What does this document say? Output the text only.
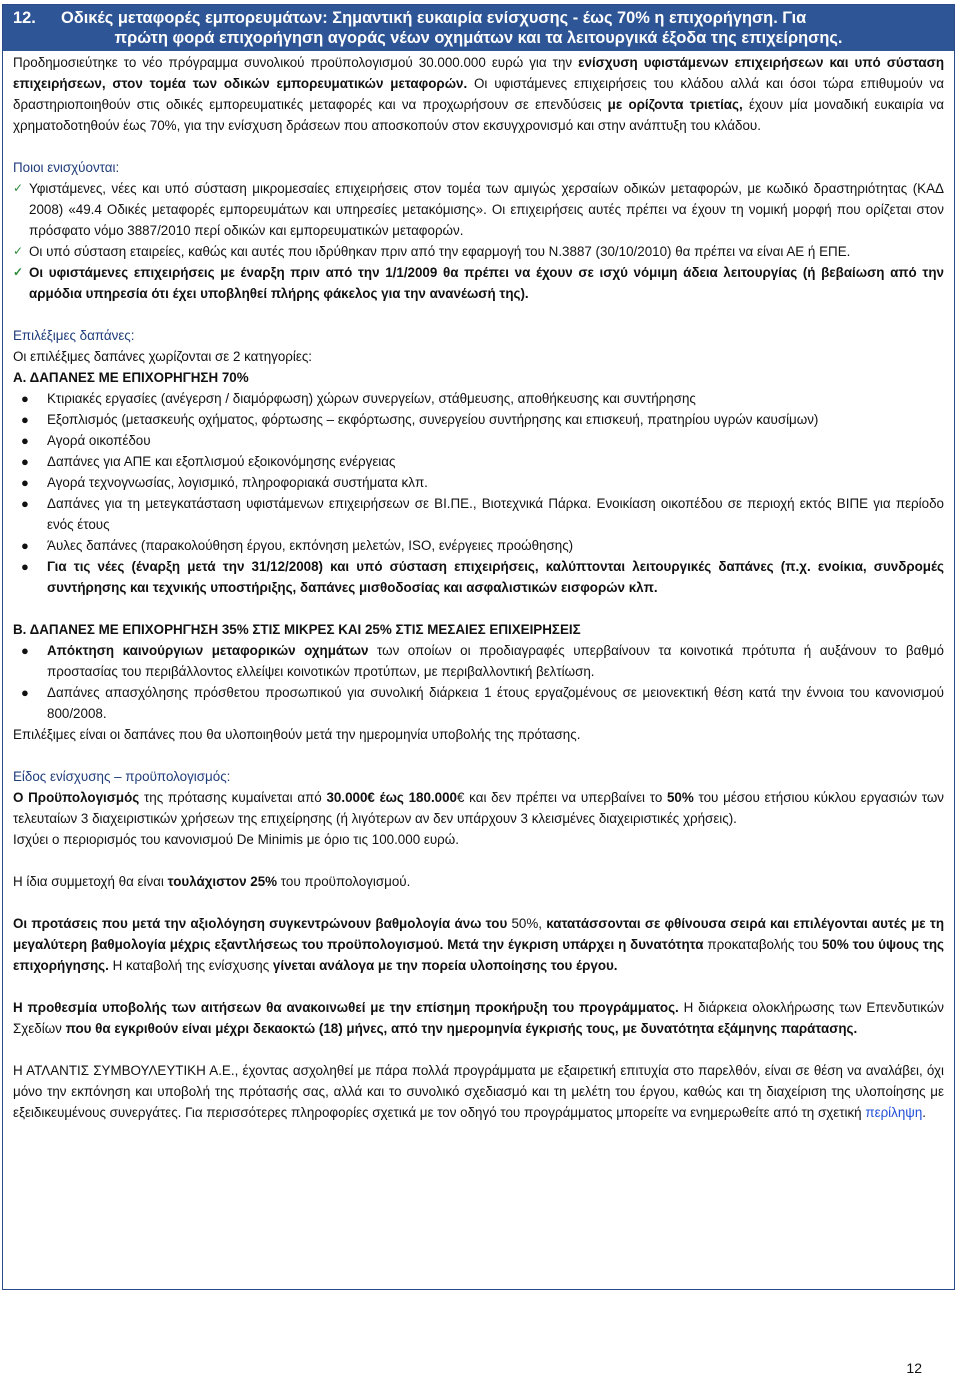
12. Οδικές μεταφορές εμπορευμάτων: Σημαντική ευκαιρία ενίσχυσης - έως 70% η επιχορήγηση. Για
πρώτη φορά επιχορήγηση αγοράς νέων οχημάτων και τα λειτουργικά έξοδα της επιχείρησης.

Προδημοσιεύτηκε το νέο πρόγραμμα συνολικού προϋπολογισμού 30.000.000 ευρώ για την ενίσχυση υφιστάμενων επιχειρήσεων και υπό σύσταση επιχειρήσεων, στον τομέα των οδικών εμπορευματικών μεταφορών. Οι υφιστάμενες επιχειρήσεις του κλάδου αλλά και όσοι τώρα επιθυμούν να δραστηριοποιηθούν στις οδικές εμπορευματικές μεταφορές και να προχωρήσουν σε επενδύσεις με ορίζοντα τριετίας, έχουν μία μοναδική ευκαιρία να χρηματοδοτηθούν έως 70%, για την ενίσχυση δράσεων που αποσκοπούν στον εκσυγχρονισμό και στην ανάπτυξη του κλάδου.

Ποιοι ενισχύονται:

✓ Υφιστάμενες, νέες και υπό σύσταση μικρομεσαίες επιχειρήσεις στον τομέα των αμιγώς χερσαίων οδικών μεταφορών, με κωδικό δραστηριότητας (ΚΑΔ 2008) «49.4 Οδικές μεταφορές εμπορευμάτων και υπηρεσίες μετακόμισης». Οι επιχειρήσεις αυτές πρέπει να έχουν τη νομική μορφή που ορίζεται στον πρόσφατο νόμο 3887/2010 περί οδικών και εμπορευματικών μεταφορών.
✓ Οι υπό σύσταση εταιρείες, καθώς και αυτές που ιδρύθηκαν πριν από την εφαρμογή του Ν.3887 (30/10/2010) θα πρέπει να είναι ΑΕ ή ΕΠΕ.
✓ Οι υφιστάμενες επιχειρήσεις με έναρξη πριν από την 1/1/2009 θα πρέπει να έχουν σε ισχύ νόμιμη άδεια λειτουργίας (ή βεβαίωση από την αρμόδια υπηρεσία ότι έχει υποβληθεί πλήρης φάκελος για την ανανέωσή της).

Επιλέξιμες δαπάνες:

Οι επιλέξιμες δαπάνες χωρίζονται σε 2 κατηγορίες:

Α. ΔΑΠΑΝΕΣ ΜΕ ΕΠΙΧΟΡΗΓΗΣΗ 70%

● Κτιριακές εργασίες (ανέγερση / διαμόρφωση) χώρων συνεργείων, στάθμευσης, αποθήκευσης και συντήρησης
● Εξοπλισμός (μετασκευής οχήματος, φόρτωσης – εκφόρτωσης, συνεργείου συντήρησης και επισκευή, πρατηρίου υγρών καυσίμων)
● Αγορά οικοπέδου
● Δαπάνες για ΑΠΕ και εξοπλισμού εξοικονόμησης ενέργειας
● Αγορά τεχνογνωσίας, λογισμικό, πληροφοριακά συστήματα κλπ.
● Δαπάνες για τη μετεγκατάσταση υφιστάμενων επιχειρήσεων σε ΒΙ.ΠΕ., Βιοτεχνικά Πάρκα. Ενοικίαση οικοπέδου σε περιοχή εκτός ΒΙΠΕ για περίοδο ενός έτους
● Άυλες δαπάνες (παρακολούθηση έργου, εκπόνηση μελετών, ISO, ενέργειες προώθησης)
● Για τις νέες (έναρξη μετά την 31/12/2008) και υπό σύσταση επιχειρήσεις, καλύπτονται λειτουργικές δαπάνες (π.χ. ενοίκια, συνδρομές συντήρησης και τεχνικής υποστήριξης, δαπάνες μισθοδοσίας και ασφαλιστικών εισφορών κλπ.

Β. ΔΑΠΑΝΕΣ ΜΕ ΕΠΙΧΟΡΗΓΗΣΗ 35% ΣΤΙΣ ΜΙΚΡΕΣ ΚΑΙ 25% ΣΤΙΣ ΜΕΣΑΙΕΣ ΕΠΙΧΕΙΡΗΣΕΙΣ

● Απόκτηση καινούργιων μεταφορικών οχημάτων των οποίων οι προδιαγραφές υπερβαίνουν τα κοινοτικά πρότυπα ή αυξάνουν το βαθμό προστασίας του περιβάλλοντος ελλείψει κοινοτικών προτύπων, με περιβαλλοντική βελτίωση.
● Δαπάνες απασχόλησης πρόσθετου προσωπικού για συνολική διάρκεια 1 έτους εργαζομένους σε μειονεκτική θέση κατά την έννοια του κανονισμού 800/2008.

Επιλέξιμες είναι οι δαπάνες που θα υλοποιηθούν μετά την ημερομηνία υποβολής της πρότασης.

Είδος ενίσχυσης – προϋπολογισμός:

Ο Προϋπολογισμός της πρότασης κυμαίνεται από 30.000€ έως 180.000€ και δεν πρέπει να υπερβαίνει το 50% του μέσου ετήσιου κύκλου εργασιών των τελευταίων 3 διαχειριστικών χρήσεων της επιχείρησης (ή λιγότερων αν δεν υπάρχουν 3 κλεισμένες διαχειριστικές χρήσεις).

Ισχύει ο περιορισμός του κανονισμού De Minimis με όριο τις 100.000 ευρώ.

Η ίδια συμμετοχή θα είναι τουλάχιστον 25% του προϋπολογισμού.

Οι προτάσεις που μετά την αξιολόγηση συγκεντρώνουν βαθμολογία άνω του 50%, κατατάσσονται σε φθίνουσα σειρά και επιλέγονται αυτές με τη μεγαλύτερη βαθμολογία μέχρις εξαντλήσεως του προϋπολογισμού. Μετά την έγκριση υπάρχει η δυνατότητα προκαταβολής του 50% του ύψους της επιχορήγησης. Η καταβολή της ενίσχυσης γίνεται ανάλογα με την πορεία υλοποίησης του έργου.

Η προθεσμία υποβολής των αιτήσεων θα ανακοινωθεί με την επίσημη προκήρυξη του προγράμματος. Η διάρκεια ολοκλήρωσης των Επενδυτικών Σχεδίων που θα εγκριθούν είναι μέχρι δεκαοκτώ (18) μήνες, από την ημερομηνία έγκρισής τους, με δυνατότητα εξάμηνης παράτασης.

Η ΑΤΛΑΝΤΙΣ ΣΥΜΒΟΥΛΕΥΤΙΚΗ Α.Ε., έχοντας ασχοληθεί με πάρα πολλά προγράμματα με εξαιρετική επιτυχία στο παρελθόν, είναι σε θέση να αναλάβει, όχι μόνο την εκπόνηση και υποβολή της πρότασής σας, αλλά και το συνολικό σχεδιασμό και τη μελέτη του έργου, καθώς και τη διαχείριση της υλοποίησης με εξειδικευμένους συνεργάτες. Για περισσότερες πληροφορίες σχετικά με τον οδηγό του προγράμματος μπορείτε να ενημερωθείτε από τη σχετική περίληψη.

12
